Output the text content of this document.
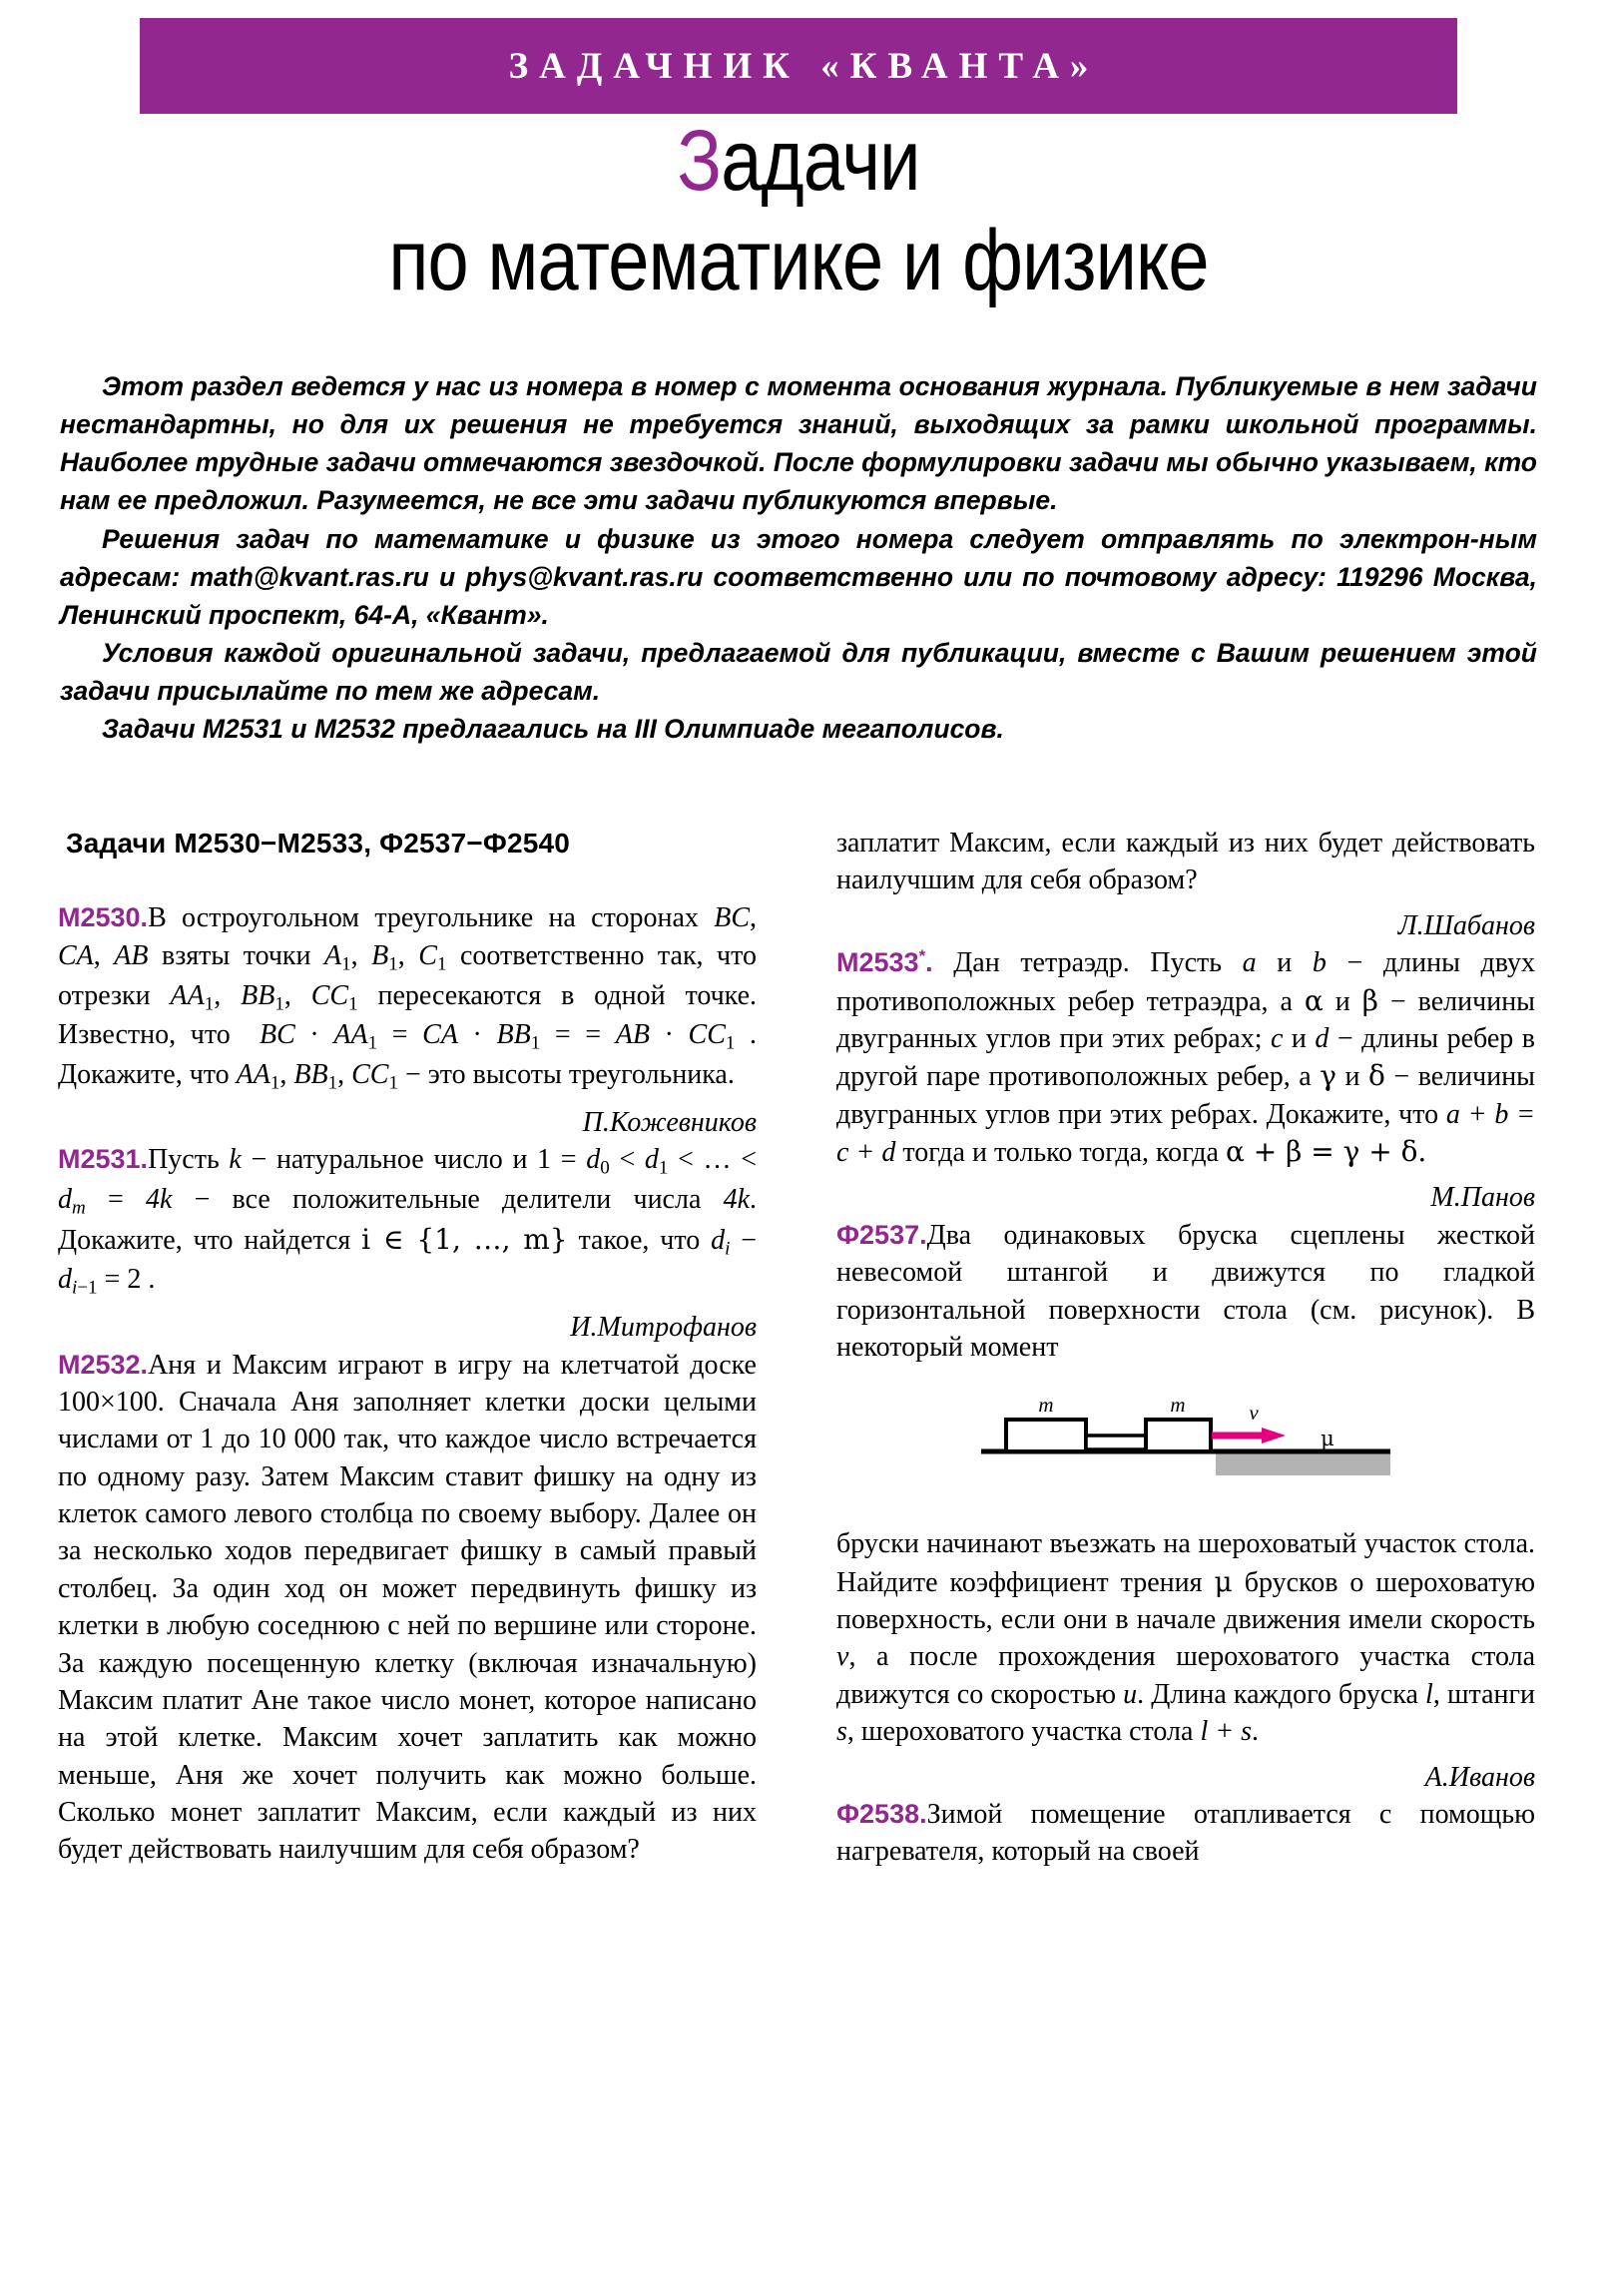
ЗАДАЧНИК «КВАНТА»
Задачи
по математике и физике

Этот раздел ведется у нас из номера в номер с момента основания журнала. Публикуемые в нем задачи нестандартны, но для их решения не требуется знаний, выходящих за рамки школьной программы. Наиболее трудные задачи отмечаются звездочкой. После формулировки задачи мы обычно указываем, кто нам ее предложил. Разумеется, не все эти задачи публикуются впервые.

Решения задач по математике и физике из этого номера следует отправлять по электрон-ным адресам: math@kvant.ras.ru и phys@kvant.ras.ru соответственно или по почтовому адресу: 119296 Москва, Ленинский проспект, 64-А, «Квант».

Условия каждой оригинальной задачи, предлагаемой для публикации, вместе с Вашим решением этой задачи присылайте по тем же адресам.

Задачи М2531 и М2532 предлагались на III Олимпиаде мегаполисов.

Задачи М2530−М2533, Ф2537−Ф2540

M2530.В остроугольном треугольнике на сторонах BC, CA, AB взяты точки A1, B1, C1 соответственно так, что отрезки AA1, BB1, CC1 пересекаются в одной точке. Известно, что BC · AA1 = CA · BB1 = = AB · CC1 . Докажите, что AA1, BB1, CC1 − это высоты треугольника.

П.Кожевников

M2531.Пусть k − натуральное число и 1 = d0 < d1 < … < $d_m = 4k$ − все положительные делители числа 4k. Докажите, что найдется i ∈ {1, …, m} такое, что $d_i - d_i-1 = 2$ .

И.Митрофанов

M2532.Аня и Максим играют в игру на клетчатой доске 100×100. Сначала Аня заполняет клетки доски целыми числами от 1 до 10 000 так, что каждое число встречается по одному разу. Затем Максим ставит фишку на одну из клеток самого левого столбца по своему выбору. Далее он за несколько ходов передвигает фишку в самый правый столбец. За один ход он может передвинуть фишку из клетки в любую соседнюю с ней по вершине или стороне. За каждую посещенную клетку (включая изначальную) Максим платит Ане такое число монет, которое написано на этой клетке. Максим хочет заплатить как можно меньше, Аня же хочет получить как можно больше. Сколько монет заплатит Максим, если каждый из них будет действовать наилучшим для себя образом?

заплатит Максим, если каждый из них будет действовать наилучшим для себя образом?

Л.Шабанов

M2533*. Дан тетраэдр. Пусть a и b − длины двух противоположных ребер тетраэдра, а α и β − величины двугранных углов при этих ребрах; c и d − длины ребер в другой паре противоположных ребер, а γ и δ − величины двугранных углов при этих ребрах. Докажите, что a + b = c + d тогда и только тогда, когда α + β = γ + δ.

М.Панов

Ф2537.Два одинаковых бруска сцеплены жесткой невесомой штангой и движутся по гладкой горизонтальной поверхности стола (см. рисунок). В некоторый момент

m	m	v
μ

бруски начинают въезжать на шероховатый участок стола. Найдите коэффициент трения μ брусков о шероховатую поверхность, если они в начале движения имели скорость v, а после прохождения шероховатого участка стола движутся со скоростью u. Длина каждого бруска l, штанги s, шероховатого участка стола l + s.

А.Иванов

Ф2538.Зимой помещение отапливается с помощью нагревателя, который на своей
